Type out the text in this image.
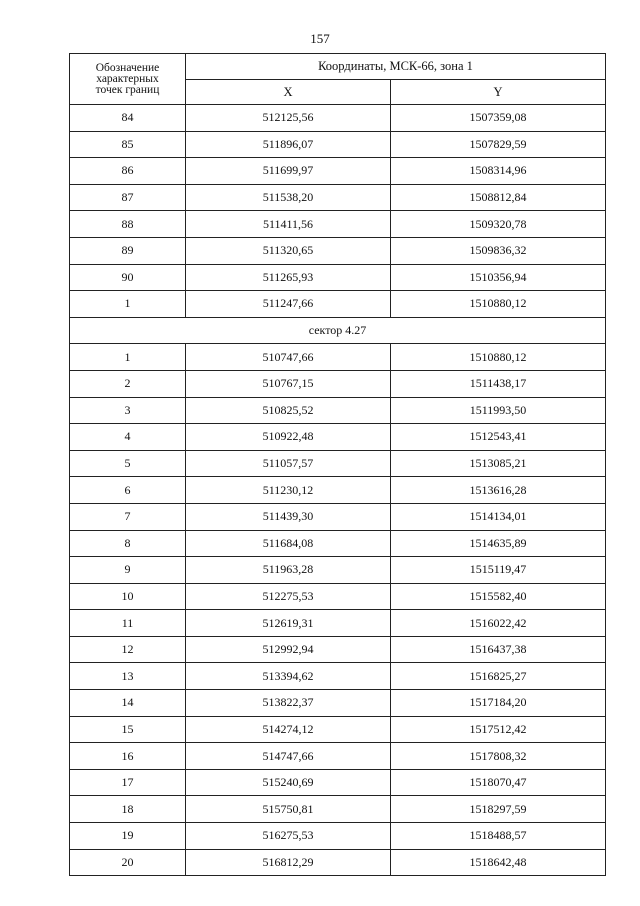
157
Обозначение
характерных
точек границ	Координаты, МСК-66, зона 1	
	X	Y
84	512125,56	1507359,08
85	511896,07	1507829,59
86	511699,97	1508314,96
87	511538,20	1508812,84
88	511411,56	1509320,78
89	511320,65	1509836,32
90	511265,93	1510356,94
1	511247,66	1510880,12
сектор 4.27		
1	510747,66	1510880,12
2	510767,15	1511438,17
3	510825,52	1511993,50
4	510922,48	1512543,41
5	511057,57	1513085,21
6	511230,12	1513616,28
7	511439,30	1514134,01
8	511684,08	1514635,89
9	511963,28	1515119,47
10	512275,53	1515582,40
11	512619,31	1516022,42
12	512992,94	1516437,38
13	513394,62	1516825,27
14	513822,37	1517184,20
15	514274,12	1517512,42
16	514747,66	1517808,32
17	515240,69	1518070,47
18	515750,81	1518297,59
19	516275,53	1518488,57
20	516812,29	1518642,48
